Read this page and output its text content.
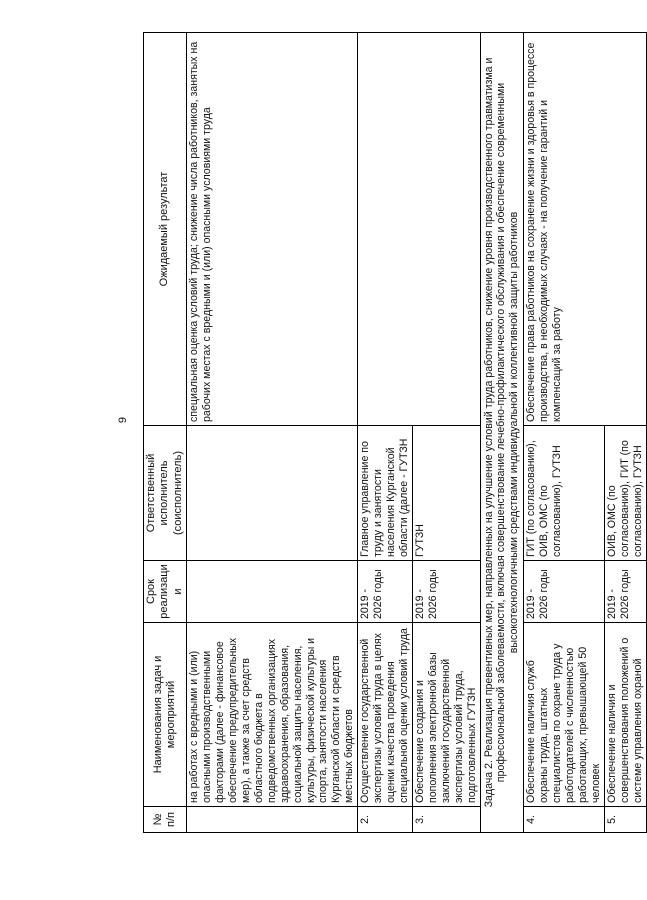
9
№ п/п	Наименования задач и мероприятий	Срок реализации	Ответственный исполнитель (соисполнитель)	Ожидаемый результат
	на работах с вредными и (или) опасными производственными факторами (далее - финансовое обеспечение предупредительных мер), а также за счет средств областного бюджета в подведомственных организациях здравоохранения, образования, социальной защиты населения, культуры, физической культуры и спорта, занятости населения Курганской области и средств местных бюджетов			специальная оценка условий труда; снижение числа работников, занятых на рабочих местах с вредными и (или) опасными условиями труда
2.	Осуществление государственной экспертизы условий труда в целях оценки качества проведения специальной оценки условий труда	2019 - 2026 годы	Главное управление по труду и занятости населения Курганской области (далее - ГУТЗН	
3.	Обеспечение создания и пополнения электронной базы заключений государственной экспертизы условий труда, подготовленных ГУТЗН	2019 - 2026 годы	ГУТЗН	
Задача 2. Реализация превентивных мер, направленных на улучшение условий труда работников, снижение уровня производственного травматизма и профессиональной заболеваемости, включая совершенствование лечебно-профилактического обслуживания и обеспечение современными высокотехнологичными средствами индивидуальной и коллективной защиты работников				
4.	Обеспечение наличия служб охраны труда, штатных специалистов по охране труда у работодателей с численностью работающих, превышающей 50 человек	2019 - 2026 годы	ГИТ (по согласованию), ОИВ, ОМС (по согласованию), ГУТЗН	Обеспечение права работников на сохранение жизни и здоровья в процессе производства, в необходимых случаях - на получение гарантий и компенсаций за работу
5.	Обеспечение наличия и совершенствования положений о системе управления охраной	2019 - 2026 годы	ОИВ, ОМС (по согласованию), ГИТ (по согласованию), ГУТЗН	
